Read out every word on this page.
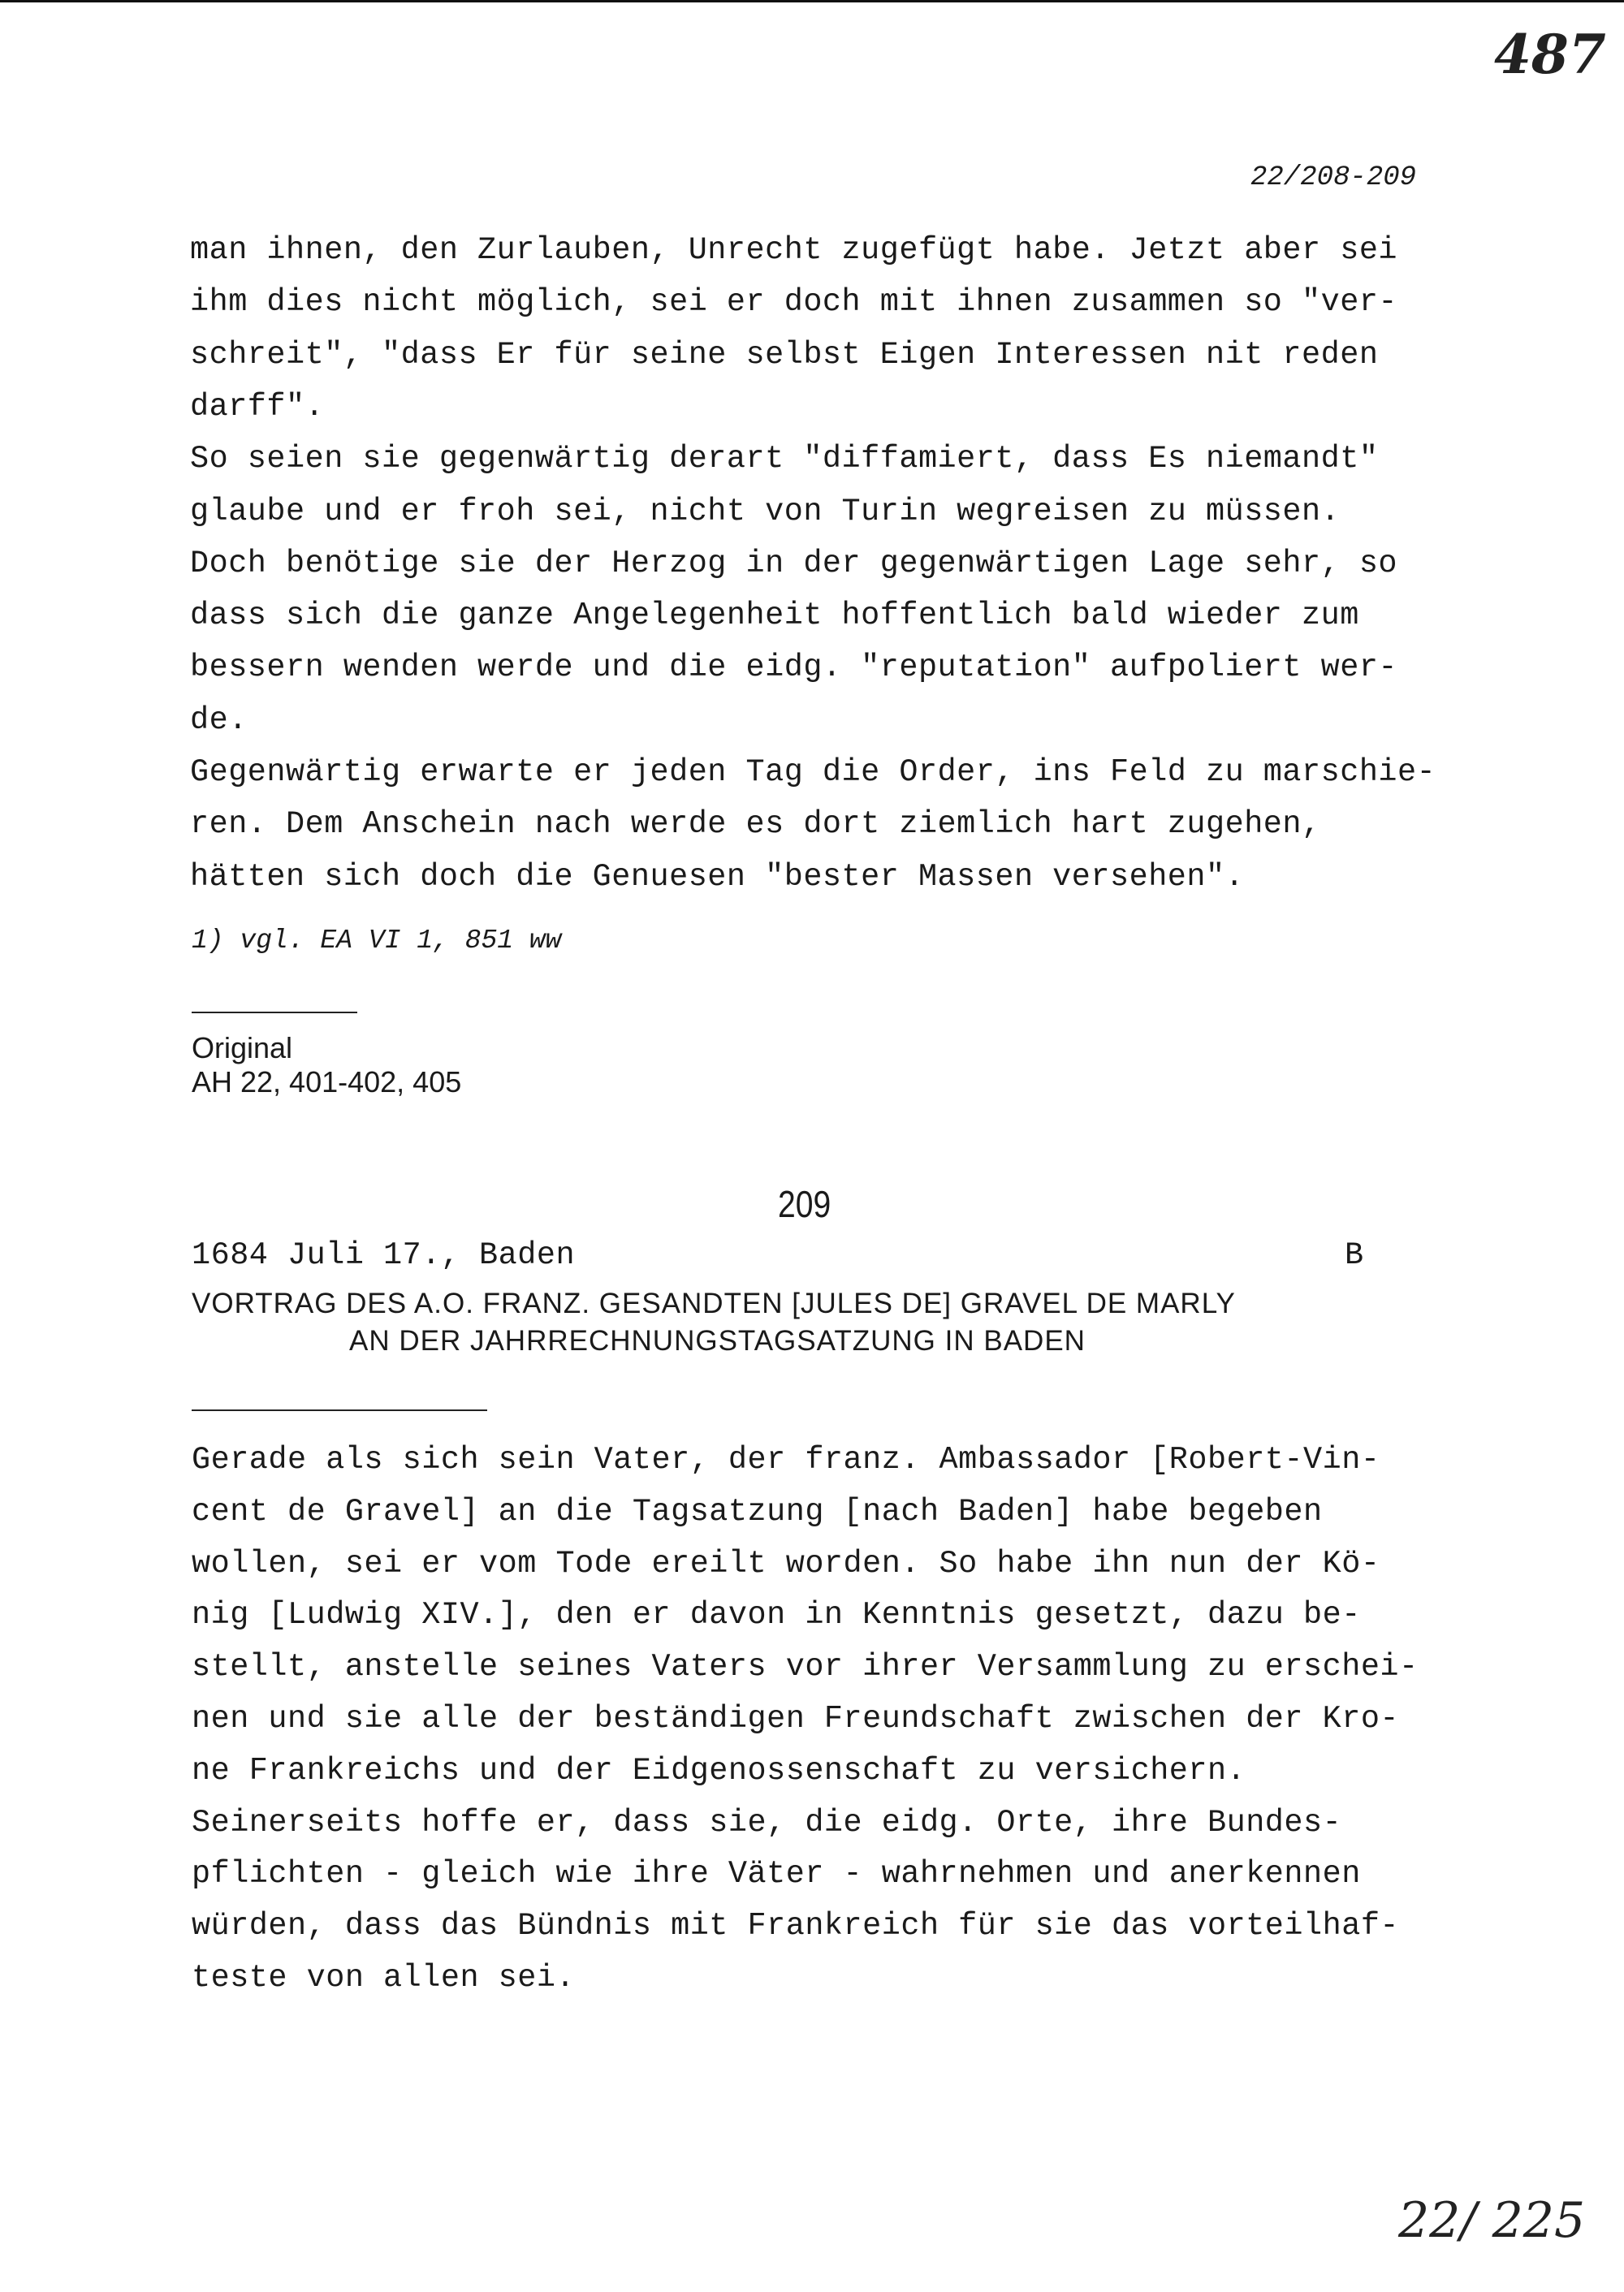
487
22/208-209
man ihnen, den Zurlauben, Unrecht zugefügt habe. Jetzt aber sei
ihm dies nicht möglich, sei er doch mit ihnen zusammen so "ver-
schreit", "dass Er für seine selbst Eigen Interessen nit reden
darff".
So seien sie gegenwärtig derart "diffamiert, dass Es niemandt"
glaube und er froh sei, nicht von Turin wegreisen zu müssen.
Doch benötige sie der Herzog in der gegenwärtigen Lage sehr, so
dass sich die ganze Angelegenheit hoffentlich bald wieder zum
bessern wenden werde und die eidg. "reputation" aufpoliert wer-
de.
Gegenwärtig erwarte er jeden Tag die Order, ins Feld zu marschie-
ren. Dem Anschein nach werde es dort ziemlich hart zugehen,
hätten sich doch die Genuesen "bester Massen versehen".
1) vgl. EA VI 1, 851 ww
Original
AH 22, 401-402, 405
209
1684 Juli 17., Baden	B
VORTRAG DES A.O. FRANZ. GESANDTEN [JULES DE] GRAVEL DE MARLY
AN DER JAHRRECHNUNGSTAGSATZUNG IN BADEN
Gerade als sich sein Vater, der franz. Ambassador [Robert-Vin-
cent de Gravel] an die Tagsatzung [nach Baden] habe begeben
wollen, sei er vom Tode ereilt worden. So habe ihn nun der Kö-
nig [Ludwig XIV.], den er davon in Kenntnis gesetzt, dazu be-
stellt, anstelle seines Vaters vor ihrer Versammlung zu erschei-
nen und sie alle der beständigen Freundschaft zwischen der Kro-
ne Frankreichs und der Eidgenossenschaft zu versichern.
Seinerseits hoffe er, dass sie, die eidg. Orte, ihre Bundes-
pflichten - gleich wie ihre Väter - wahrnehmen und anerkennen
würden, dass das Bündnis mit Frankreich für sie das vorteilhaf-
teste von allen sei.
22/ 225
